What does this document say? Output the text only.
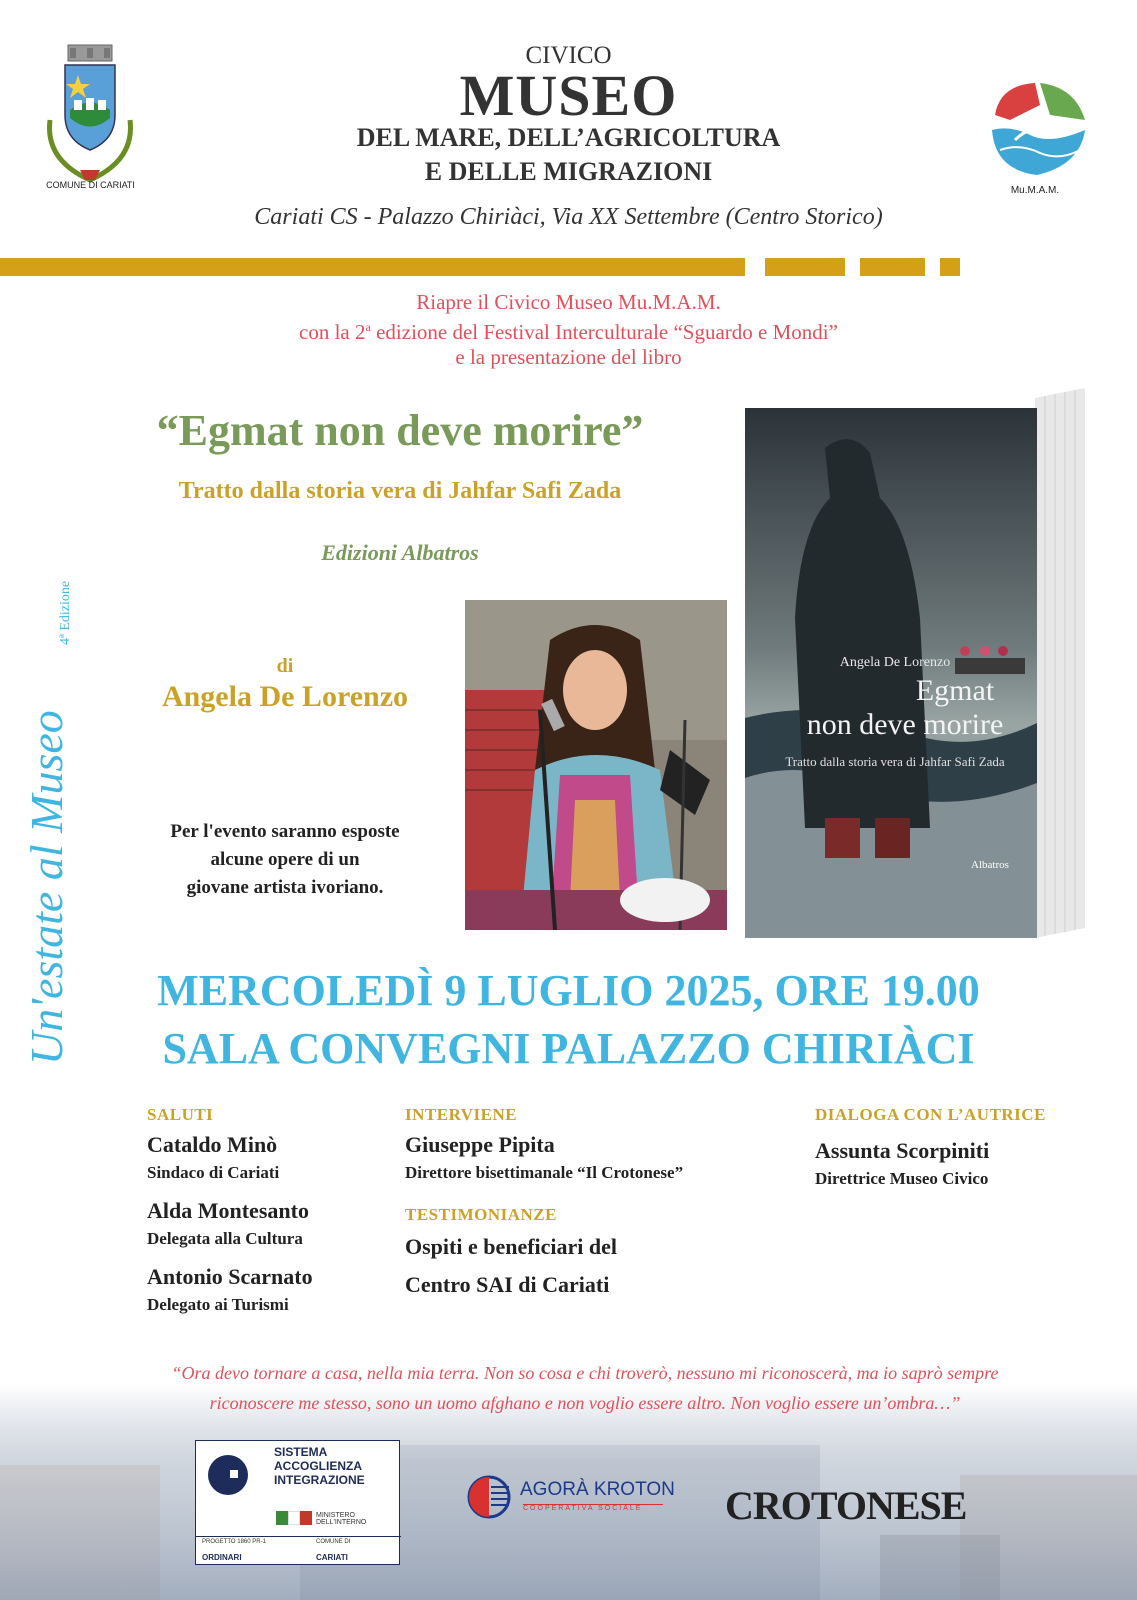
COMUNE DI CARIATI	Mu.M.A.M.
CIVICO
MUSEO
DEL MARE, DELL’AGRICOLTURA
E DELLE MIGRAZIONI
Cariati CS - Palazzo Chiriàci, Via XX Settembre (Centro Storico)
Riapre il Civico Museo Mu.M.A.M.
con la 2$^a$ edizione del Festival Interculturale “Sguardo e Mondi”
e la presentazione del libro
“Egmat non deve morire”
Tratto dalla storia vera di Jahfar Safi Zada
Edizioni Albatros
Un'estate al Museo
4ª Edizione
di
Angela De Lorenzo
Per l'evento saranno esposte
alcune opere di un
giovane artista ivoriano.
Angela De Lorenzo
Egmat
non deve morire
Tratto dalla storia vera di Jahfar Safi Zada
Albatros
MERCOLEDÌ 9 LUGLIO 2025, ORE 19.00
SALA CONVEGNI PALAZZO CHIRIÀCI
SALUTI
Cataldo Minò
Sindaco di Cariati
Alda Montesanto
Delegata alla Cultura
Antonio Scarnato
Delegato ai Turismi
INTERVIENE
Giuseppe Pipita
Direttore bisettimanale “Il Crotonese”
TESTIMONIANZE
Ospiti e beneficiari del
Centro SAI di Cariati
DIALOGA CON L’AUTRICE
Assunta Scorpiniti
Direttrice Museo Civico
“Ora devo tornare a casa, nella mia terra. Non so cosa e chi troverò, nessuno mi riconoscerà, ma io saprò sempre
riconoscere me stesso, sono un uomo afghano e non voglio essere altro. Non voglio essere un’ombra…”
SISTEMA
ACCOGLIENZA
INTEGRAZIONE
MINISTERO DELL'INTERNO
PROGETTO 1860 PR-1	COMUNE DI
ORDINARI	CARIATI
AGORÀ KROTON
COOPERATIVA SOCIALE	CROTONESE
